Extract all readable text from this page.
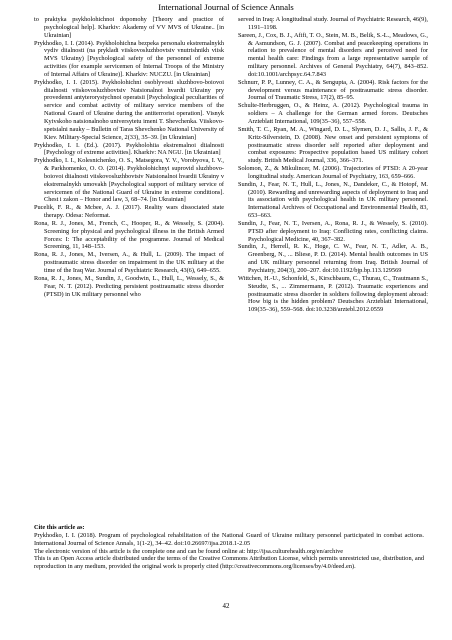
International Journal of Science Annals

to praktyka psykholohichnoi dopomohy [Theory and practice of psychological help]. Kharkiv: Akademy of VV MVS of Ukraine.. [in Ukrainian]

Prykhodko, I. I. (2014). Psykholohichna bezpeka personalu ekstremalnykh vydiv diialnosti (na prykladi viiskovosluzhbovtsiv vnutrishnikh viisk MVS Ukrainy) [Psychological safety of the personnel of extreme activities (for example servicemen of Internal Troops of the Ministry of Internal Affairs of Ukraine)]. Kharkiv: NUCZU. [in Ukrainian]

Prykhodko, I. I. (2015). Psykholohichni osoblyvosti sluzhbovo-boiovoi diialnosti viiskovosluzhbovtsiv Natsionalnoi hvardii Ukrainy pry provedenni antyterorystychnoi operatsii [Psychological peculiarities of service and combat activity of military service members of the National Guard of Ukraine during the antiterrorist operation]. Visnyk Kyivskoho natsionalnoho universytetu imeni T. Shevchenka. Viiskovo-spetsialni nauky – Bulletin of Taras Shevchenko National University of Kiev. Military-Special Science, 2(33), 35–39. [in Ukrainian]

Prykhodko, I. I. (Ed.). (2017). Psykholohiia ekstremalnoi diialnosti [Psychology of extreme activities]. Kharkiv: NA NGU. [in Ukrainian]

Prykhodko, I. I., Kolesnichenko, O. S., Matsegora, Y. V., Vorobyova, I. V., & Parkhomenko, O. O. (2014). Psykholohichnyi suprovid sluzhbovo-boiovoi diialnosti viiskovosluzhbovtsiv Natsionalnoi hvardii Ukrainy v ekstremalnykh umovakh [Psychological support of military service of servicemen of the National Guard of Ukraine in extreme conditions]. Chest i zakon – Honor and law, 3, 68–74. [in Ukrainian]

Pucelik, F. R., & Mcbee, A. J. (2017). Reality wars dissociated state therapy. Odesa: Neformat.

Rona, R. J., Jones, M., French, C., Hooper, R., & Wessely, S. (2004). Screening for physical and psychological illness in the British Armed Forces: I: The acceptability of the programme. Journal of Medical Screening, 11, 148–153.

Rona, R. J., Jones, M., Iversen, A., & Hull, L. (2009). The impact of posttraumatic stress disorder on impairment in the UK military at the time of the Iraq War. Journal of Psychiatric Research, 43(6), 649–655.

Rona, R. J., Jones, M., Sundin, J., Goodwin, L., Hull, L., Wessely, S., & Fear, N. T. (2012). Predicting persistent posttraumatic stress disorder (PTSD) in UK military personnel who

served in Iraq: A longitudinal study. Journal of Psychiatric Research, 46(9), 1191–1198.

Sareen, J., Cox, B. J., Afifi, T. O., Stein, M. B., Belik, S.-L., Meadows, G., & Asmundson, G. J. (2007). Combat and peacekeeping operations in relation to prevalence of mental disorders and perceived need for mental health care: Findings from a large representative sample of military personnel. Archives of General Psychiatry, 64(7), 843–852. doi:10.1001/archpsyc.64.7.843

Schnurr, P. P., Lunney, C. A., & Sengupta, A. (2004). Risk factors for the development versus maintenance of posttraumatic stress disorder. Journal of Traumatic Stress, 17(2), 85–95.

Schulte-Herbruggen, O., & Heinz, A. (2012). Psychological trauma in soldiers – A challenge for the German armed forces. Deutsches Arzteblatt International, 109(35–36), 557–558.

Smith, T. C., Ryan, M. A., Wingard, D. L., Slymen, D. J., Sallis, J. F., & Kritz-Silverstein, D. (2008). New onset and persistent symptoms of posttraumatic stress disorder self reported after deployment and combat exposures: Prospective population based US military cohort study. British Medical Journal, 336, 366–371.

Solomon, Z., & Mikulincer, M. (2006). Trajectories of PTSD: A 20-year longitudinal study. American Journal of Psychiatry, 163, 659–666.

Sundin, J., Fear, N. T., Hull, L., Jones, N., Dandeker, C., & Hotopf, M. (2010). Rewarding and unrewarding aspects of deployment to Iraq and its association with psychological health in UK military personnel. International Archives of Occupational and Environmental Health, 83, 653–663.

Sundin, J., Fear, N. T., Iversen, A., Rona, R. J., & Wessely, S. (2010). PTSD after deployment to Iraq: Conflicting rates, conflicting claims. Psychological Medicine, 40, 367–382.

Sundin, J., Herrell, R. K., Hoge, C. W., Fear, N. T., Adler, A. B., Greenberg, N., ... Bliese, P. D. (2014). Mental health outcomes in US and UK military personnel returning from Iraq. British Journal of Psychiatry, 204(3), 200–207. doi:10.1192/bjp.bp.113.129569

Wittchen, H.-U., Schonfeld, S., Kirschbaum, C., Thurau, C., Trautmann S., Steudte, S., ... Zimmermann, P. (2012). Traumatic experiences and posttraumatic stress disorder in soldiers following deployment abroad: How big is the hidden problem? Deutsches Arzteblatt International, 109(35–36), 559–568. doi:10.3238/arztebl.2012.0559

Cite this article as:

Prykhodko, I. I. (2018). Program of psychological rehabilitation of the National Guard of Ukraine military personnel participated in combat actions. International Journal of Science Annals, 1(1-2), 34–42. doi:10.26697/ijsa.2018.1-2.05

The electronic version of this article is the complete one and can be found online at: http://ijsa.culturehealth.org/en/archive

This is an Open Access article distributed under the terms of the Creative Commons Attribution License, which permits unrestricted use, distribution, and reproduction in any medium, provided the original work is properly cited (http://creativecommons.org/licenses/by/4.0/deed.en).

42
